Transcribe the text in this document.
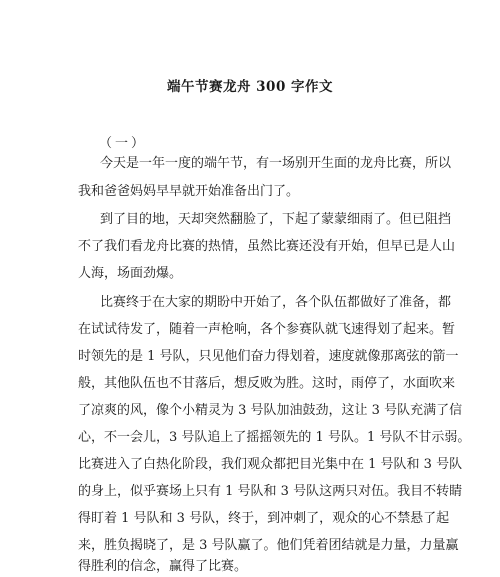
端午节赛龙舟 300 字作文
（一）
今天是一年一度的端午节，有一场别开生面的龙舟比赛，所以
我和爸爸妈妈早早就开始准备出门了。
到了目的地，天却突然翻脸了，下起了蒙蒙细雨了。但已阻挡
不了我们看龙舟比赛的热情，虽然比赛还没有开始，但早已是人山
人海，场面劲爆。
比赛终于在大家的期盼中开始了，各个队伍都做好了准备，都
在试试待发了，随着一声枪响，各个参赛队就飞速得划了起来。暂
时领先的是 1 号队，只见他们奋力得划着，速度就像那离弦的箭一
般，其他队伍也不甘落后，想反败为胜。这时，雨停了，水面吹来
了凉爽的风，像个小精灵为 3 号队加油鼓劲，这让 3 号队充满了信
心，不一会儿，3 号队追上了摇摇领先的 1 号队。1 号队不甘示弱。
比赛进入了白热化阶段，我们观众都把目光集中在 1 号队和 3 号队
的身上，似乎赛场上只有 1 号队和 3 号队这两只对伍。我目不转睛
得盯着 1 号队和 3 号队，终于，到冲刺了，观众的心不禁悬了起
来，胜负揭晓了，是 3 号队赢了。他们凭着团结就是力量，力量赢
得胜利的信念，赢得了比赛。
